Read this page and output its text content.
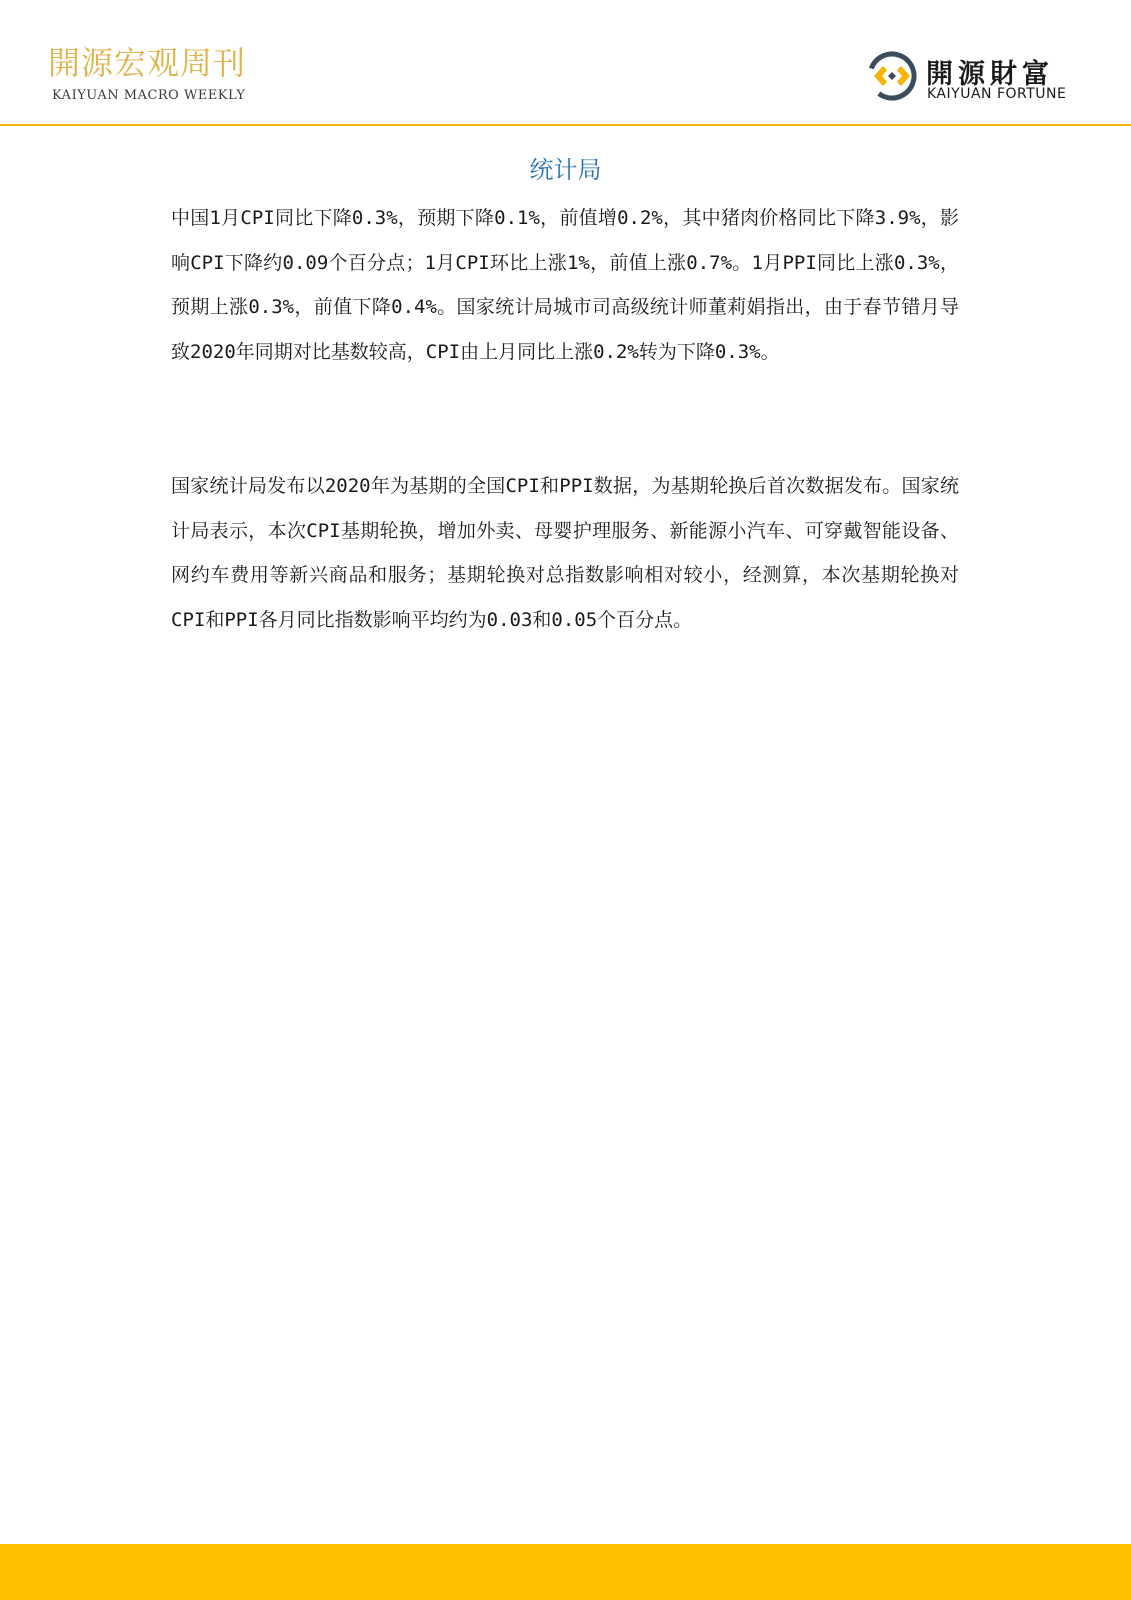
開源宏观周刊
KAIYUAN MACRO WEEKLY
開源財富
KAIYUAN FORTUNE
统计局

中国1月CPI同比下降0.3%，预期下降0.1%，前值增0.2%，其中猪肉价格同比下降3.9%，影响CPI下降约0.09个百分点；1月CPI环比上涨1%，前值上涨0.7%。1月PPI同比上涨0.3%，预期上涨0.3%，前值下降0.4%。国家统计局城市司高级统计师董莉娟指出，由于春节错月导致2020年同期对比基数较高，CPI由上月同比上涨0.2%转为下降0.3%。

国家统计局发布以2020年为基期的全国CPI和PPI数据，为基期轮换后首次数据发布。国家统计局表示，本次CPI基期轮换，增加外卖、母婴护理服务、新能源小汽车、可穿戴智能设备、网约车费用等新兴商品和服务；基期轮换对总指数影响相对较小，经测算，本次基期轮换对CPI和PPI各月同比指数影响平均约为0.03和0.05个百分点。
